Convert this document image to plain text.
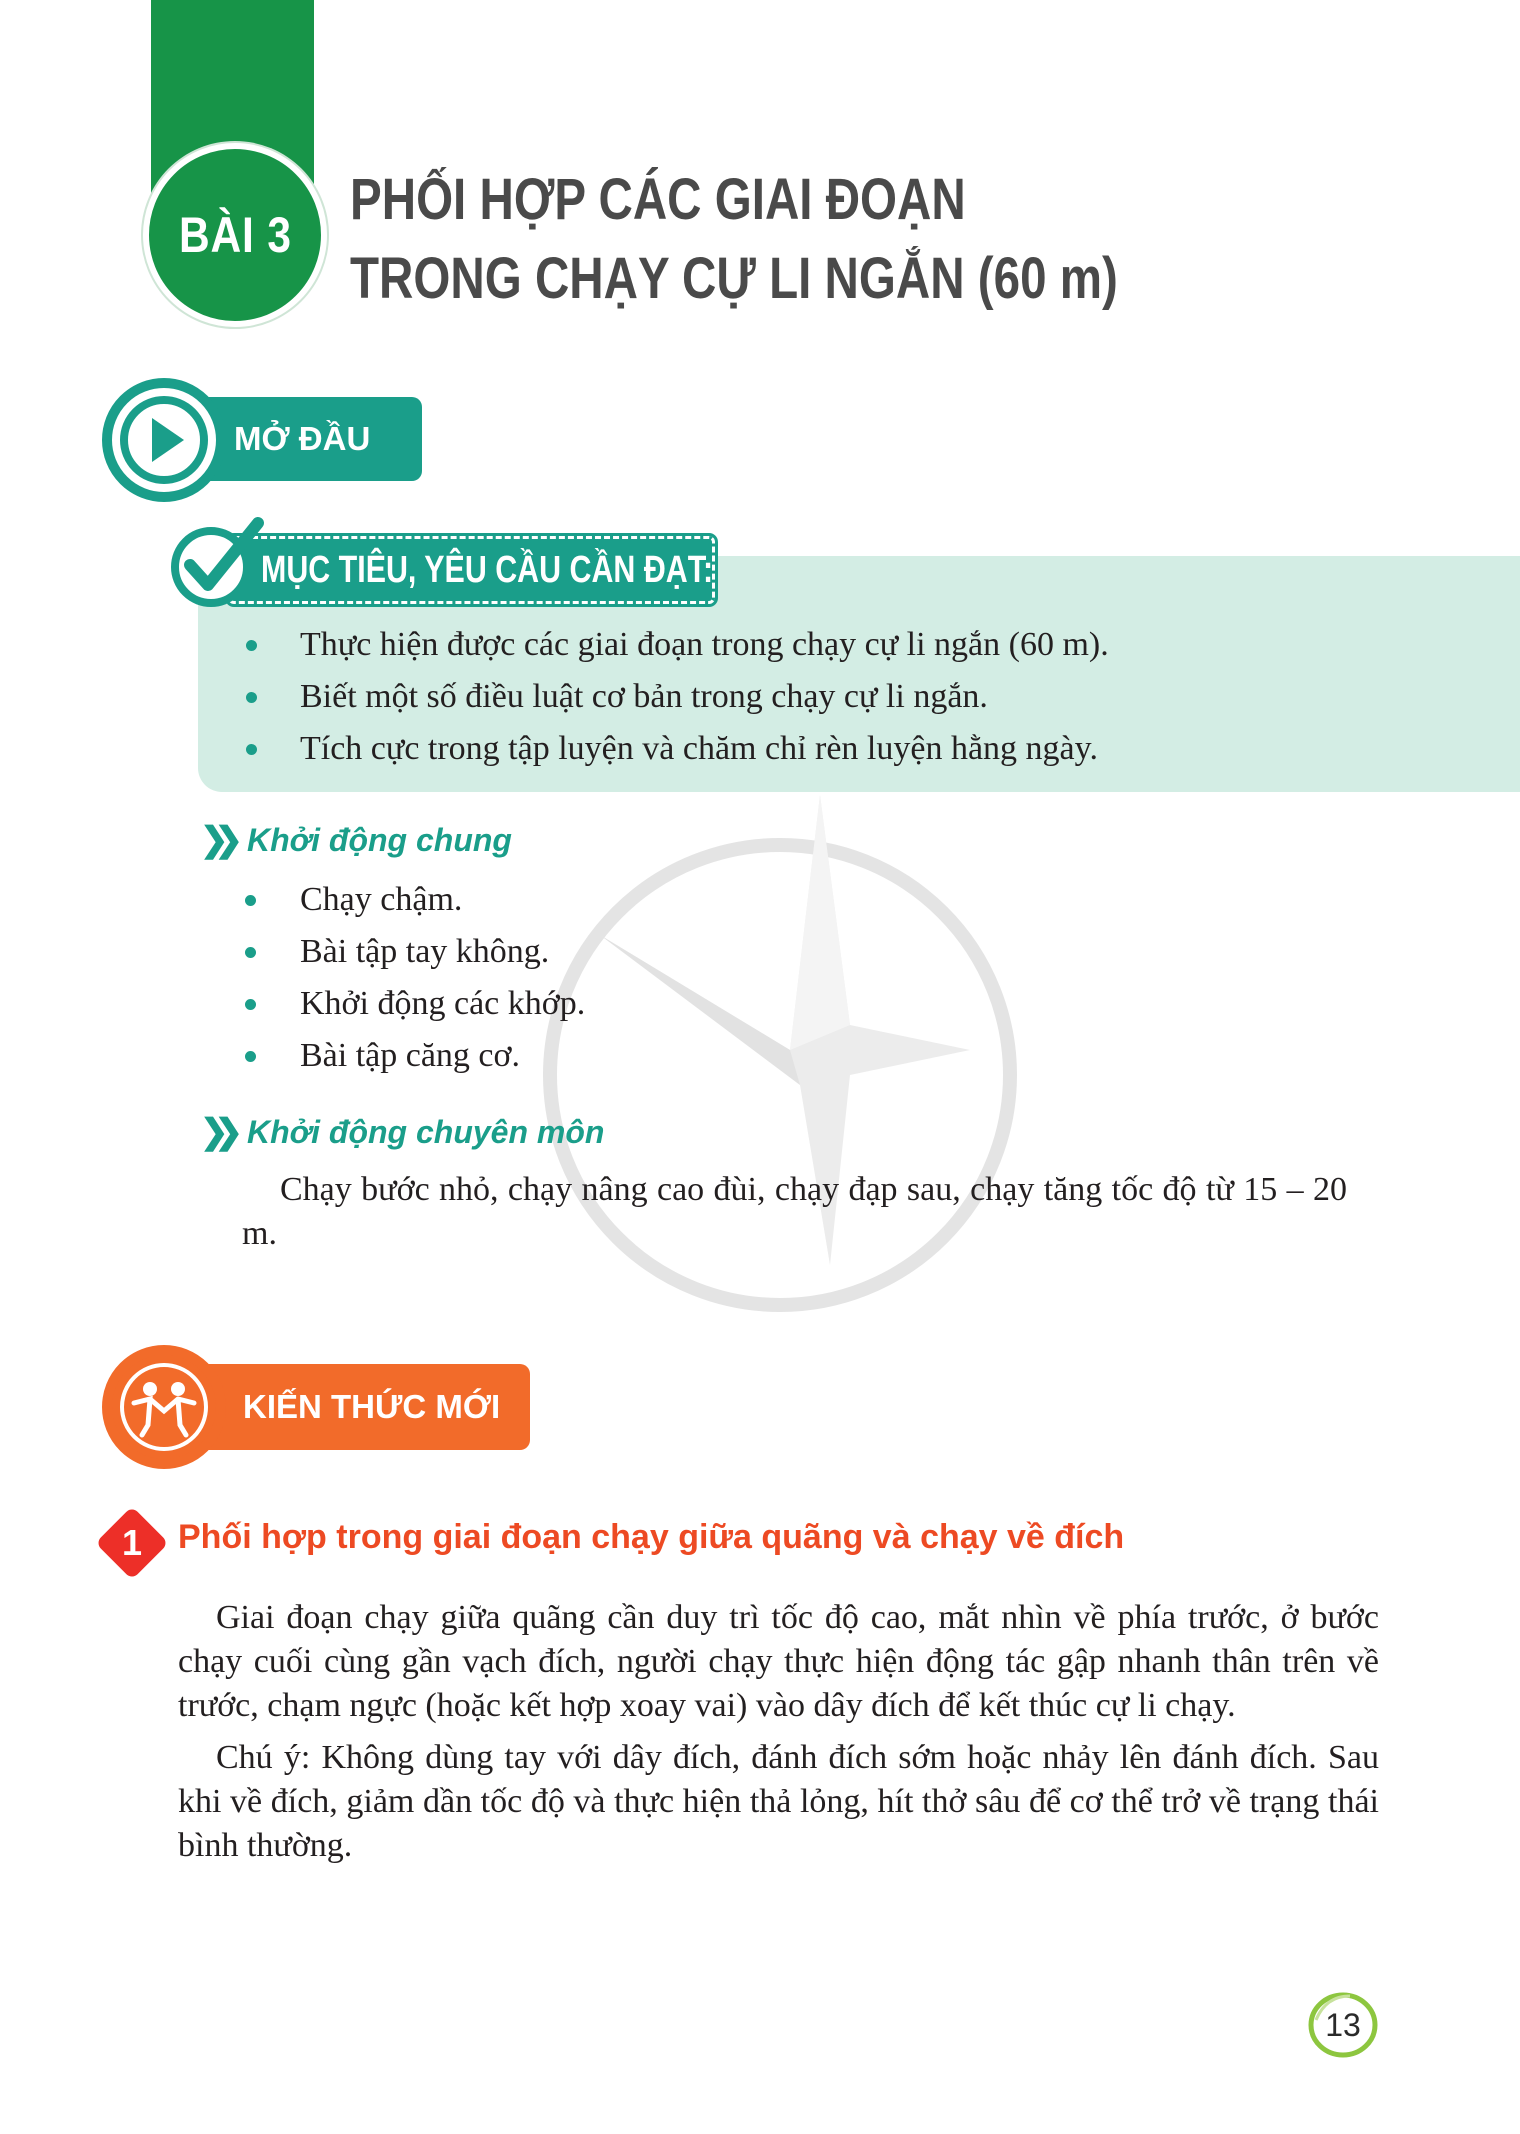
BÀI 3
PHỐI HỢP CÁC GIAI ĐOẠN
TRONG CHẠY CỰ LI NGẮN (60 m)
MỞ ĐẦU
MỤC TIÊU, YÊU CẦU CẦN ĐẠT:
Thực hiện được các giai đoạn trong chạy cự li ngắn (60 m).
Biết một số điều luật cơ bản trong chạy cự li ngắn.
Tích cực trong tập luyện và chăm chỉ rèn luyện hằng ngày.
❯❯ Khởi động chung
Chạy chậm.
Bài tập tay không.
Khởi động các khớp.
Bài tập căng cơ.
❯❯ Khởi động chuyên môn

Chạy bước nhỏ, chạy nâng cao đùi, chạy đạp sau, chạy tăng tốc độ từ 15 – 20 m.

KIẾN THỨC MỚI
1	Phối hợp trong giai đoạn chạy giữa quãng và chạy về đích

Giai đoạn chạy giữa quãng cần duy trì tốc độ cao, mắt nhìn về phía trước, ở bước chạy cuối cùng gần vạch đích, người chạy thực hiện động tác gập nhanh thân trên về trước, chạm ngực (hoặc kết hợp xoay vai) vào dây đích để kết thúc cự li chạy.

Chú ý: Không dùng tay với dây đích, đánh đích sớm hoặc nhảy lên đánh đích. Sau khi về đích, giảm dần tốc độ và thực hiện thả lỏng, hít thở sâu để cơ thể trở về trạng thái bình thường.

13
